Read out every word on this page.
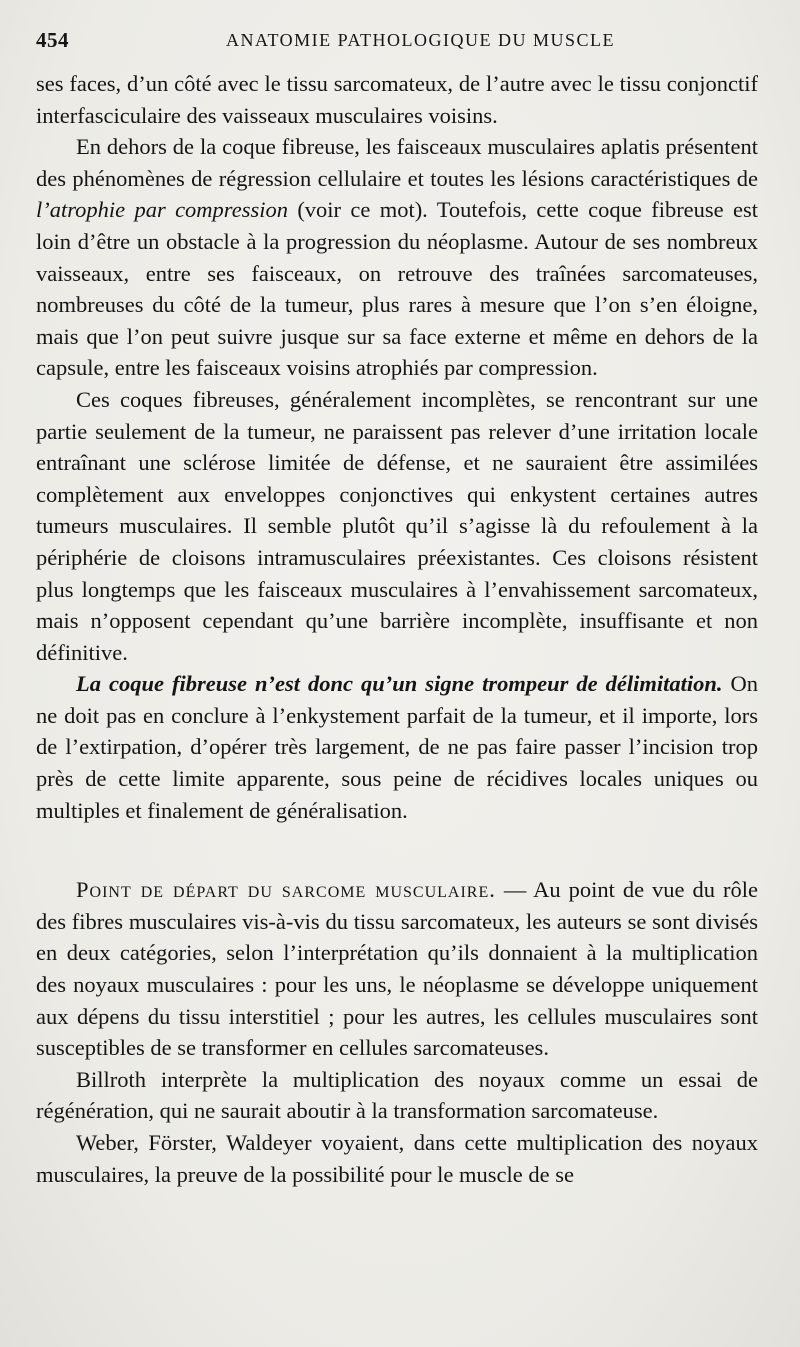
454	ANATOMIE PATHOLOGIQUE DU MUSCLE

ses faces, d’un côté avec le tissu sarcomateux, de l’autre avec le tissu conjonctif interfasciculaire des vaisseaux musculaires voisins.

En dehors de la coque fibreuse, les faisceaux musculaires aplatis présentent des phénomènes de régression cellulaire et toutes les lésions caractéristiques de l’atrophie par compression (voir ce mot). Toutefois, cette coque fibreuse est loin d’être un obstacle à la progression du néoplasme. Autour de ses nombreux vaisseaux, entre ses faisceaux, on retrouve des traînées sarcomateuses, nombreuses du côté de la tumeur, plus rares à mesure que l’on s’en éloigne, mais que l’on peut suivre jusque sur sa face externe et même en dehors de la capsule, entre les faisceaux voisins atrophiés par compression.

Ces coques fibreuses, généralement incomplètes, se rencontrant sur une partie seulement de la tumeur, ne paraissent pas relever d’une irritation locale entraînant une sclérose limitée de défense, et ne sauraient être assimilées complètement aux enveloppes conjonctives qui enkystent certaines autres tumeurs musculaires. Il semble plutôt qu’il s’agisse là du refoulement à la périphérie de cloisons intramusculaires préexistantes. Ces cloisons résistent plus longtemps que les faisceaux musculaires à l’envahissement sarcomateux, mais n’opposent cependant qu’une barrière incomplète, insuffisante et non définitive.

La coque fibreuse n’est donc qu’un signe trompeur de délimitation. On ne doit pas en conclure à l’enkystement parfait de la tumeur, et il importe, lors de l’extirpation, d’opérer très largement, de ne pas faire passer l’incision trop près de cette limite apparente, sous peine de récidives locales uniques ou multiples et finalement de généralisation.

Point de départ du sarcome musculaire. — Au point de vue du rôle des fibres musculaires vis-à-vis du tissu sarcomateux, les auteurs se sont divisés en deux catégories, selon l’interprétation qu’ils donnaient à la multiplication des noyaux musculaires : pour les uns, le néoplasme se développe uniquement aux dépens du tissu interstitiel ; pour les autres, les cellules musculaires sont susceptibles de se transformer en cellules sarcomateuses.

Billroth interprète la multiplication des noyaux comme un essai de régénération, qui ne saurait aboutir à la transformation sarcomateuse.

Weber, Förster, Waldeyer voyaient, dans cette multiplication des noyaux musculaires, la preuve de la possibilité pour le muscle de se
